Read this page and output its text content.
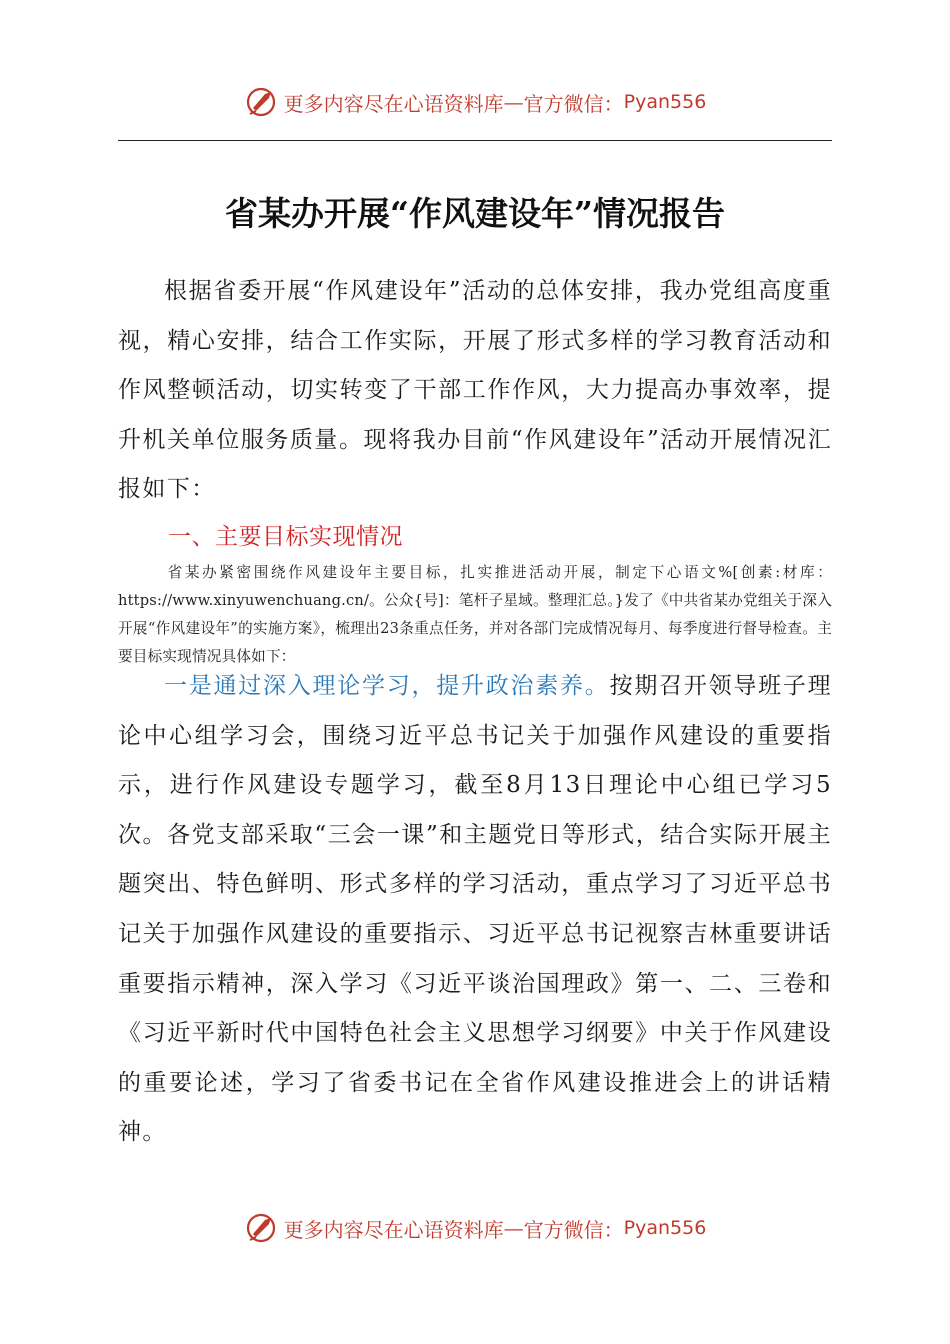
更多内容尽在心语资料库 — 官方微信： Pyan556
省某办开展“作风建设年”情况报告

根据省委开展“作风建设年”活动的总体安排，我办党组高度重视，精心安排，结合工作实际，开展了形式多样的学习教育活动和作风整顿活动，切实转变了干部工作作风，大力提高办事效率，提升机关单位服务质量。现将我办目前“作风建设年”活动开展情况汇报如下：

一、主要目标实现情况

省某办紧密围绕作风建设年主要目标，扎实推进活动开展，制定下心语文%[创素:材库：https://www.xinyuwenchuang.cn/。公众{号]：笔杆子星域。整理汇总。}发了《中共省某办党组关于深入开展“作风建设年”的实施方案》，梳理出23条重点任务，并对各部门完成情况每月、每季度进行督导检查。主要目标实现情况具体如下：

一是通过深入理论学习，提升政治素养。按期召开领导班子理论中心组学习会，围绕习近平总书记关于加强作风建设的重要指示，进行作风建设专题学习，截至8月13日理论中心组已学习5次。各党支部采取“三会一课”和主题党日等形式，结合实际开展主题突出、特色鲜明、形式多样的学习活动，重点学习了习近平总书记关于加强作风建设的重要指示、习近平总书记视察吉林重要讲话重要指示精神，深入学习《习近平谈治国理政》第一、二、三卷和《习近平新时代中国特色社会主义思想学习纲要》中关于作风建设的重要论述，学习了省委书记在全省作风建设推进会上的讲话精神。

更多内容尽在心语资料库 — 官方微信： Pyan556
